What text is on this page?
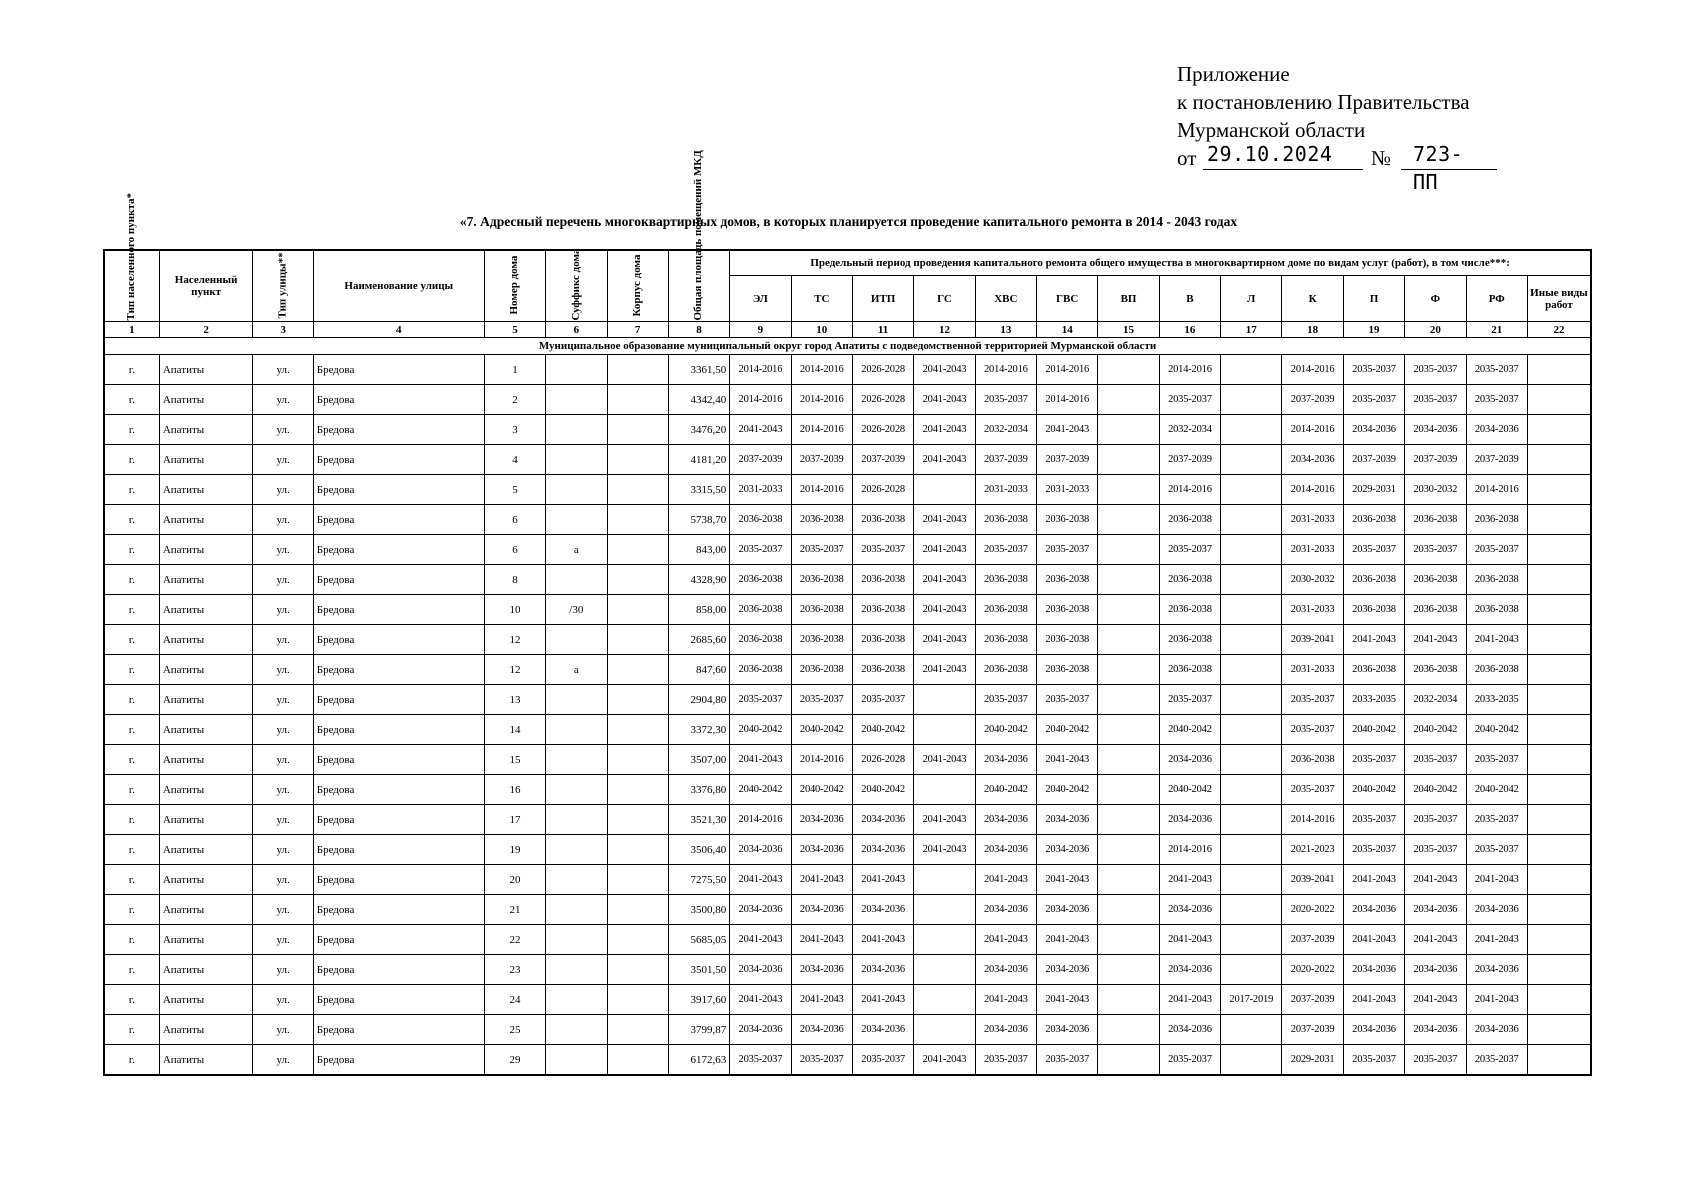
Приложение
к постановлению Правительства
Мурманской области
от 29.10.2024 № 723-ПП
«7. Адресный перечень многоквартирных домов, в которых планируется проведение капитального ремонта в 2014 - 2043 годах
Тип населенного пункта*	Населенный пункт	Тип улицы**	Наименование улицы	Номер дома	Суффикс дома	Корпус дома	Общая площадь помещений МКД	Предельный период проведения капитального ремонта общего имущества в многоквартирном доме по видам услуг (работ), в том числе***:													
								ЭЛ	ТС	ИТП	ГС	ХВС	ГВС	ВП	В	Л	К	П	Ф	РФ	Иные виды работ
1	2	3	4	5	6	7	8	9	10	11	12	13	14	15	16	17	18	19	20	21	22
Муниципальное образование муниципальный округ город Апатиты с подведомственной территорией Мурманской области																					
г.	Апатиты	ул.	Бредова	1			3361,50	2014-2016	2014-2016	2026-2028	2041-2043	2014-2016	2014-2016		2014-2016		2014-2016	2035-2037	2035-2037	2035-2037	
г.	Апатиты	ул.	Бредова	2			4342,40	2014-2016	2014-2016	2026-2028	2041-2043	2035-2037	2014-2016		2035-2037		2037-2039	2035-2037	2035-2037	2035-2037	
г.	Апатиты	ул.	Бредова	3			3476,20	2041-2043	2014-2016	2026-2028	2041-2043	2032-2034	2041-2043		2032-2034		2014-2016	2034-2036	2034-2036	2034-2036	
г.	Апатиты	ул.	Бредова	4			4181,20	2037-2039	2037-2039	2037-2039	2041-2043	2037-2039	2037-2039		2037-2039		2034-2036	2037-2039	2037-2039	2037-2039	
г.	Апатиты	ул.	Бредова	5			3315,50	2031-2033	2014-2016	2026-2028		2031-2033	2031-2033		2014-2016		2014-2016	2029-2031	2030-2032	2014-2016	
г.	Апатиты	ул.	Бредова	6			5738,70	2036-2038	2036-2038	2036-2038	2041-2043	2036-2038	2036-2038		2036-2038		2031-2033	2036-2038	2036-2038	2036-2038	
г.	Апатиты	ул.	Бредова	6	а		843,00	2035-2037	2035-2037	2035-2037	2041-2043	2035-2037	2035-2037		2035-2037		2031-2033	2035-2037	2035-2037	2035-2037	
г.	Апатиты	ул.	Бредова	8			4328,90	2036-2038	2036-2038	2036-2038	2041-2043	2036-2038	2036-2038		2036-2038		2030-2032	2036-2038	2036-2038	2036-2038	
г.	Апатиты	ул.	Бредова	10	/30		858,00	2036-2038	2036-2038	2036-2038	2041-2043	2036-2038	2036-2038		2036-2038		2031-2033	2036-2038	2036-2038	2036-2038	
г.	Апатиты	ул.	Бредова	12			2685,60	2036-2038	2036-2038	2036-2038	2041-2043	2036-2038	2036-2038		2036-2038		2039-2041	2041-2043	2041-2043	2041-2043	
г.	Апатиты	ул.	Бредова	12	а		847,60	2036-2038	2036-2038	2036-2038	2041-2043	2036-2038	2036-2038		2036-2038		2031-2033	2036-2038	2036-2038	2036-2038	
г.	Апатиты	ул.	Бредова	13			2904,80	2035-2037	2035-2037	2035-2037		2035-2037	2035-2037		2035-2037		2035-2037	2033-2035	2032-2034	2033-2035	
г.	Апатиты	ул.	Бредова	14			3372,30	2040-2042	2040-2042	2040-2042		2040-2042	2040-2042		2040-2042		2035-2037	2040-2042	2040-2042	2040-2042	
г.	Апатиты	ул.	Бредова	15			3507,00	2041-2043	2014-2016	2026-2028	2041-2043	2034-2036	2041-2043		2034-2036		2036-2038	2035-2037	2035-2037	2035-2037	
г.	Апатиты	ул.	Бредова	16			3376,80	2040-2042	2040-2042	2040-2042		2040-2042	2040-2042		2040-2042		2035-2037	2040-2042	2040-2042	2040-2042	
г.	Апатиты	ул.	Бредова	17			3521,30	2014-2016	2034-2036	2034-2036	2041-2043	2034-2036	2034-2036		2034-2036		2014-2016	2035-2037	2035-2037	2035-2037	
г.	Апатиты	ул.	Бредова	19			3506,40	2034-2036	2034-2036	2034-2036	2041-2043	2034-2036	2034-2036		2014-2016		2021-2023	2035-2037	2035-2037	2035-2037	
г.	Апатиты	ул.	Бредова	20			7275,50	2041-2043	2041-2043	2041-2043		2041-2043	2041-2043		2041-2043		2039-2041	2041-2043	2041-2043	2041-2043	
г.	Апатиты	ул.	Бредова	21			3500,80	2034-2036	2034-2036	2034-2036		2034-2036	2034-2036		2034-2036		2020-2022	2034-2036	2034-2036	2034-2036	
г.	Апатиты	ул.	Бредова	22			5685,05	2041-2043	2041-2043	2041-2043		2041-2043	2041-2043		2041-2043		2037-2039	2041-2043	2041-2043	2041-2043	
г.	Апатиты	ул.	Бредова	23			3501,50	2034-2036	2034-2036	2034-2036		2034-2036	2034-2036		2034-2036		2020-2022	2034-2036	2034-2036	2034-2036	
г.	Апатиты	ул.	Бредова	24			3917,60	2041-2043	2041-2043	2041-2043		2041-2043	2041-2043		2041-2043	2017-2019	2037-2039	2041-2043	2041-2043	2041-2043	
г.	Апатиты	ул.	Бредова	25			3799,87	2034-2036	2034-2036	2034-2036		2034-2036	2034-2036		2034-2036		2037-2039	2034-2036	2034-2036	2034-2036	
г.	Апатиты	ул.	Бредова	29			6172,63	2035-2037	2035-2037	2035-2037	2041-2043	2035-2037	2035-2037		2035-2037		2029-2031	2035-2037	2035-2037	2035-2037	
